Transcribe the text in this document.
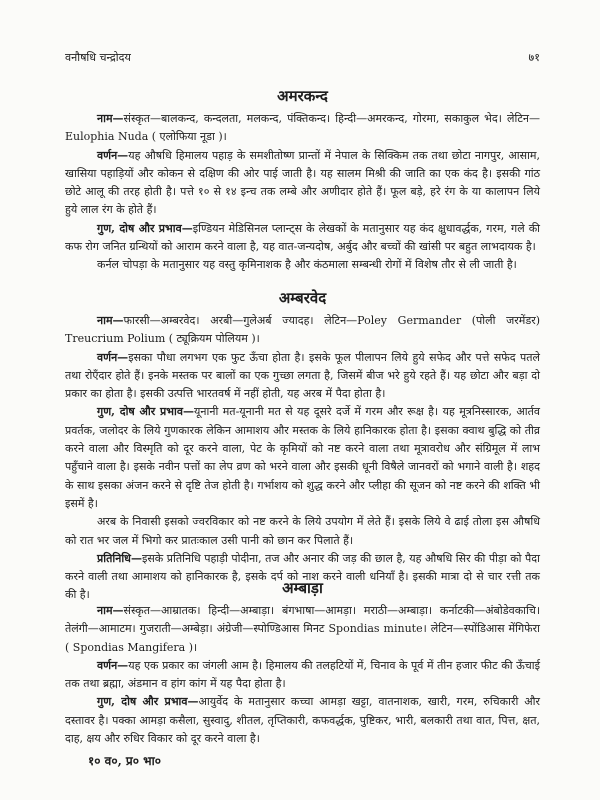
वनौषधि चन्द्रोदय	७१
अमरकन्द

नाम—संस्कृत—बालकन्द, कन्दलता, मलकन्द, पंक्तिकन्द। हिन्दी—अमरकन्द, गोरमा, सकाकुल भेद। लेटिन—Eulophia Nuda ( एलोफिया नूडा )।

वर्णन—यह औषधि हिमालय पहाड़ के समशीतोष्ण प्रान्तों में नेपाल के सिक्किम तक तथा छोटा नागपुर, आसाम, खासिया पहाड़ियों और कोकन से दक्षिण की ओर पाई जाती है। यह सालम मिश्री की जाति का एक कंद है। इसकी गांठ छोटे आलू की तरह होती है। पत्ते १० से १४ इन्च तक लम्बे और अणीदार होते हैं। फूल बड़े, हरे रंग के या कालापन लिये हुये लाल रंग के होते हैं।

गुण, दोष और प्रभाव—इण्डियन मेडिसिनल प्लान्ट्स के लेखकों के मतानुसार यह कंद क्षुधावर्द्धक, गरम, गले की कफ रोग जनित ग्रन्थियों को आराम करने वाला है, यह वात-जन्यदोष, अर्बुद और बच्चों की खांसी पर बहुत लाभदायक है।

कर्नल चोपड़ा के मतानुसार यह वस्तु कृमिनाशक है और कंठमाला सम्बन्धी रोगों में विशेष तौर से ली जाती है।

अम्बरवेद

नाम—फारसी—अम्बरवेद। अरबी—गुलेअर्ब ज्यादह। लेटिन—Poley Germander (पोली जरमेंडर) Treucrium Polium ( ट्यूक्रियम पोलियम )।

वर्णन—इसका पौधा लगभग एक फुट ऊँचा होता है। इसके फूल पीलापन लिये हुये सफेद और पत्ते सफेद पतले तथा रोएँदार होते हैं। इनके मस्तक पर बालों का एक गुच्छा लगता है, जिसमें बीज भरे हुये रहते हैं। यह छोटा और बड़ा दो प्रकार का होता है। इसकी उत्पत्ति भारतवर्ष में नहीं होती, यह अरब में पैदा होता है।

गुण, दोष और प्रभाव—यूनानी मत-यूनानी मत से यह दूसरे दर्जे में गरम और रूक्ष है। यह मूत्रनिस्सारक, आर्तव प्रवर्तक, जलोदर के लिये गुणकारक लेकिन आमाशय और मस्तक के लिये हानिकारक होता है। इसका क्वाथ बुद्धि को तीव्र करने वाला और विस्मृति को दूर करने वाला, पेट के कृमियों को नष्ट करने वाला तथा मूत्रावरोध और संग्रिमूल में लाभ पहुँचाने वाला है। इसके नवीन पत्तों का लेप व्रण को भरने वाला और इसकी धूनी विषैले जानवरों को भगाने वाली है। शहद के साथ इसका अंजन करने से दृष्टि तेज होती है। गर्भाशय को शुद्ध करने और प्लीहा की सूजन को नष्ट करने की शक्ति भी इसमें है।

अरब के निवासी इसको ज्वरविकार को नष्ट करने के लिये उपयोग में लेते हैं। इसके लिये वे ढाई तोला इस औषधि को रात भर जल में भिगो कर प्रातःकाल उसी पानी को छान कर पिलाते हैं।

प्रतिनिधि—इसके प्रतिनिधि पहाड़ी पोदीना, तज और अनार की जड़ की छाल है, यह औषधि सिर की पीड़ा को पैदा करने वाली तथा आमाशय को हानिकारक है, इसके दर्प को नाश करने वाली धनियाँ है। इसकी मात्रा दो से चार रत्ती तक की है।	अम्बाड़ा

नाम—संस्कृत—आम्रातक। हिन्दी—अम्बाड़ा। बंगभाषा—आमड़ा। मराठी—अम्बाड़ा। कर्नाटकी—अंबोडेवकाचि। तेलंगी—आमाटम। गुजराती—अम्बेड़ा। अंग्रेजी—स्पोण्डिआस मिनट Spondias minute। लेटिन—स्पोंडिआस मेंगिफेरा ( Spondias Mangifera )।

वर्णन—यह एक प्रकार का जंगली आम है। हिमालय की तलहटियों में, चिनाव के पूर्व में तीन हजार फीट की ऊँचाई तक तथा ब्रह्मा, अंडमान व हांग कांग में यह पैदा होता है।

गुण, दोष और प्रभाव—आयुर्वेद के मतानुसार कच्चा आमड़ा खट्टा, वातनाशक, खारी, गरम, रुचिकारी और दस्तावर है। पक्का आमड़ा कसैला, सुस्वादु, शीतल, तृप्तिकारी, कफवर्द्धक, पुष्टिकर, भारी, बलकारी तथा वात, पित्त, क्षत, दाह, क्षय और रुधिर विकार को दूर करने वाला है।

१० व०, प्र० भा०
